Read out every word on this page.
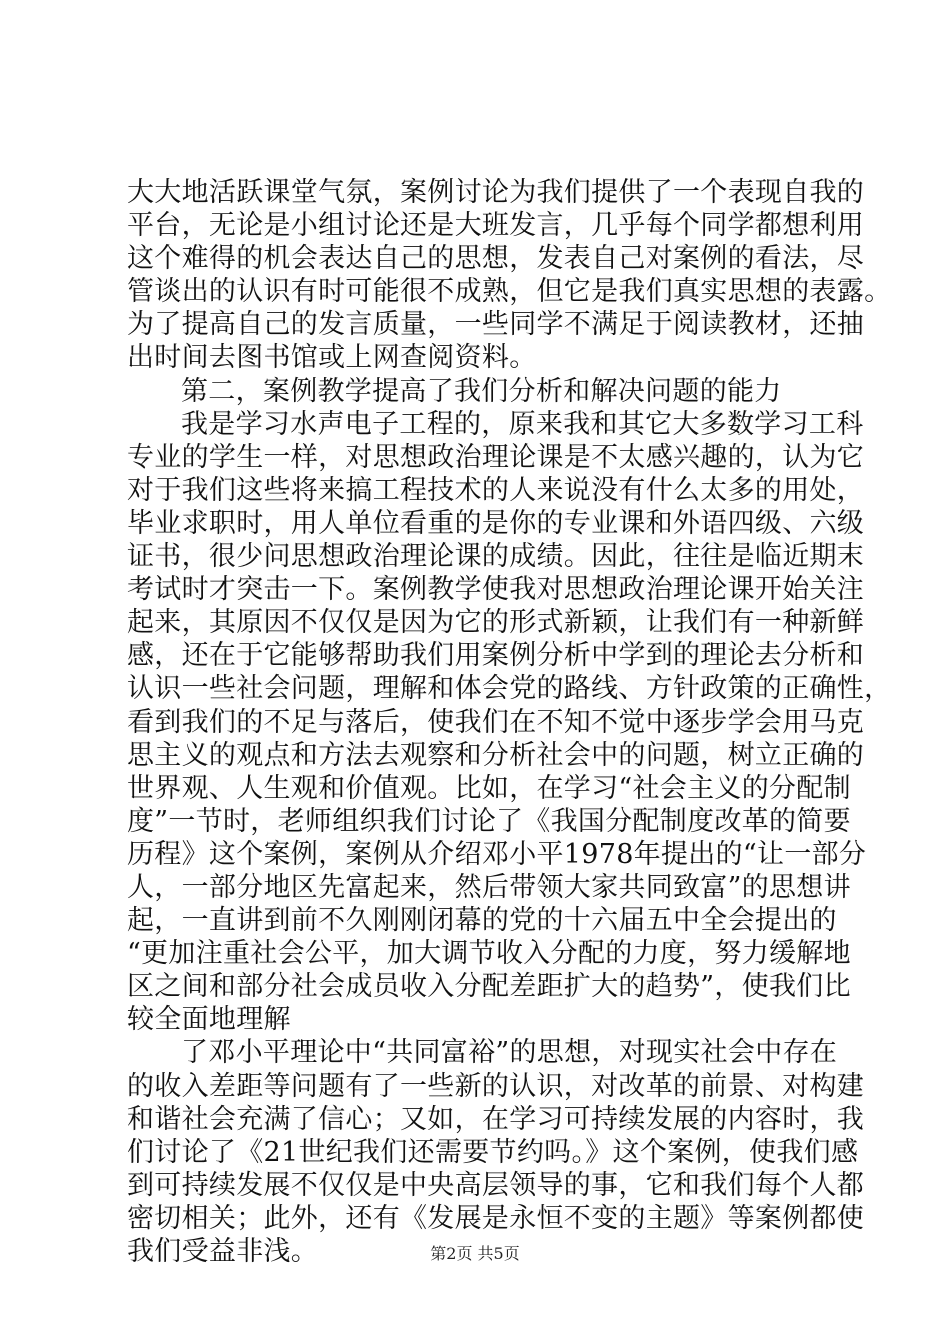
大大地活跃课堂气氛，案例讨论为我们提供了一个表现自我的
平台，无论是小组讨论还是大班发言，几乎每个同学都想利用
这个难得的机会表达自己的思想，发表自己对案例的看法，尽
管谈出的认识有时可能很不成熟，但它是我们真实思想的表露。
为了提高自己的发言质量，一些同学不满足于阅读教材，还抽
出时间去图书馆或上网查阅资料。
第二，案例教学提高了我们分析和解决问题的能力
我是学习水声电子工程的，原来我和其它大多数学习工科
专业的学生一样，对思想政治理论课是不太感兴趣的，认为它
对于我们这些将来搞工程技术的人来说没有什么太多的用处，
毕业求职时，用人单位看重的是你的专业课和外语四级、六级
证书，很少问思想政治理论课的成绩。因此，往往是临近期末
考试时才突击一下。案例教学使我对思想政治理论课开始关注
起来，其原因不仅仅是因为它的形式新颖，让我们有一种新鲜
感，还在于它能够帮助我们用案例分析中学到的理论去分析和
认识一些社会问题，理解和体会党的路线、方针政策的正确性，
看到我们的不足与落后，使我们在不知不觉中逐步学会用马克
思主义的观点和方法去观察和分析社会中的问题，树立正确的
世界观、人生观和价值观。比如，在学习“社会主义的分配制
度”一节时，老师组织我们讨论了《我国分配制度改革的简要
历程》这个案例，案例从介绍邓小平1978年提出的“让一部分
人，一部分地区先富起来，然后带领大家共同致富”的思想讲
起，一直讲到前不久刚刚闭幕的党的十六届五中全会提出的
“更加注重社会公平，加大调节收入分配的力度，努力缓解地
区之间和部分社会成员收入分配差距扩大的趋势”，使我们比
较全面地理解
了邓小平理论中“共同富裕”的思想，对现实社会中存在
的收入差距等问题有了一些新的认识，对改革的前景、对构建
和谐社会充满了信心；又如，在学习可持续发展的内容时，我
们讨论了《21世纪我们还需要节约吗。》这个案例，使我们感
到可持续发展不仅仅是中央高层领导的事，它和我们每个人都
密切相关；此外，还有《发展是永恒不变的主题》等案例都使
我们受益非浅。	第2页 共5页
